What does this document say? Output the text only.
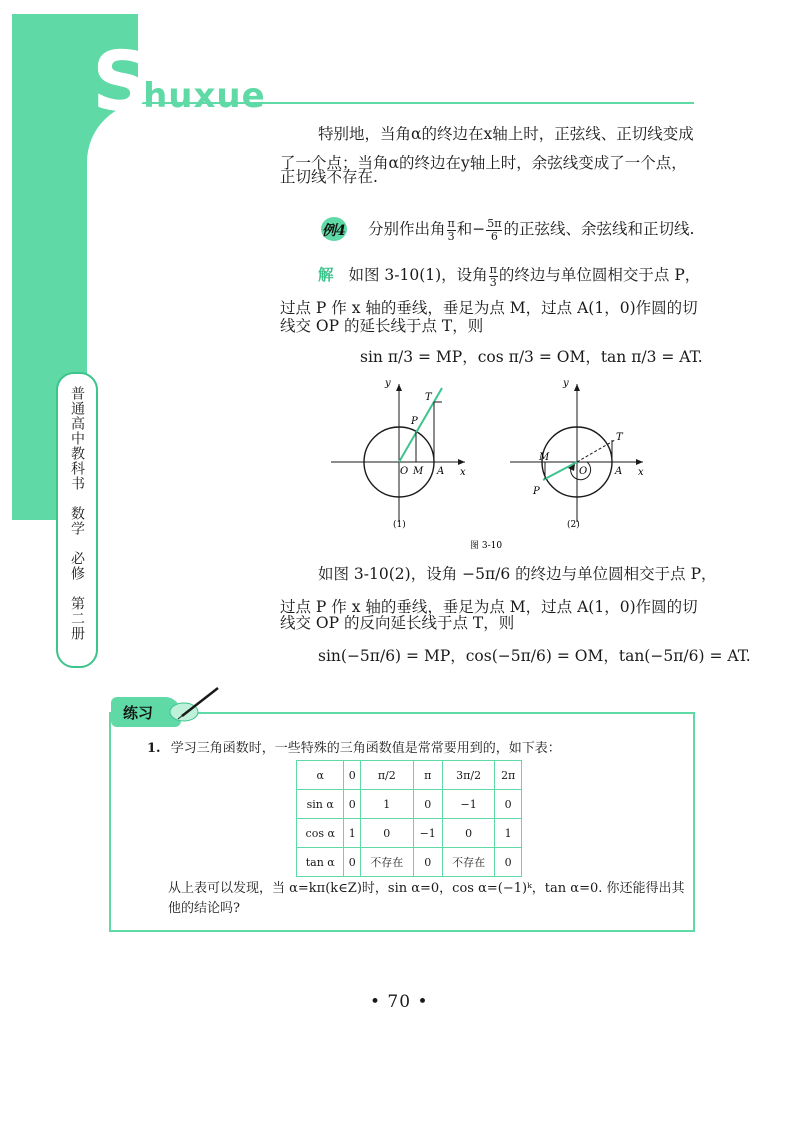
Shuxue
普通高中教科书　数学　必修　第二册
特别地，当角α的终边在x轴上时，正弦线、正切线变成
了一个点；当角α的终边在y轴上时，余弦线变成了一个点，
正切线不存在.
例4 分别作出角 $\frac{\pi}{3}$ 和− $\frac{5\pi}{6}$ 的正弦线、余弦线和正切线.
解 如图 3-10(1)，设角 $\frac{\pi}{3}$ 的终边与单位圆相交于点 P，
过点 P 作 x 轴的垂线，垂足为点 M，过点 A(1，0)作圆的切
线交 OP 的延长线于点 T，则
sin π/3 = MP，cos π/3 = OM，tan π/3 = AT.
y
x
O M A
P
T
(1)
y
x
O
M
A
P
T
(2)
图 3-10
如图 3-10(2)，设角 −5π/6 的终边与单位圆相交于点 P，
过点 P 作 x 轴的垂线，垂足为点 M，过点 A(1，0)作圆的切
线交 OP 的反向延长线于点 T，则
sin(−5π/6) = MP，cos(−5π/6) = OM，tan(−5π/6) = AT.
练习
1. 学习三角函数时，一些特殊的三角函数值是常常要用到的，如下表：
α	0	π/2	π	3π/2	2π
sin α	0	1	0	−1	0
cos α	1	0	−1	0	1
tan α	0	不存在	0	不存在	0
从上表可以发现，当 α=kπ(k∈Z)时，sin α=0，cos α=(−1)ᵏ，tan α=0. 你还能得出其
他的结论吗?
• 70 •
